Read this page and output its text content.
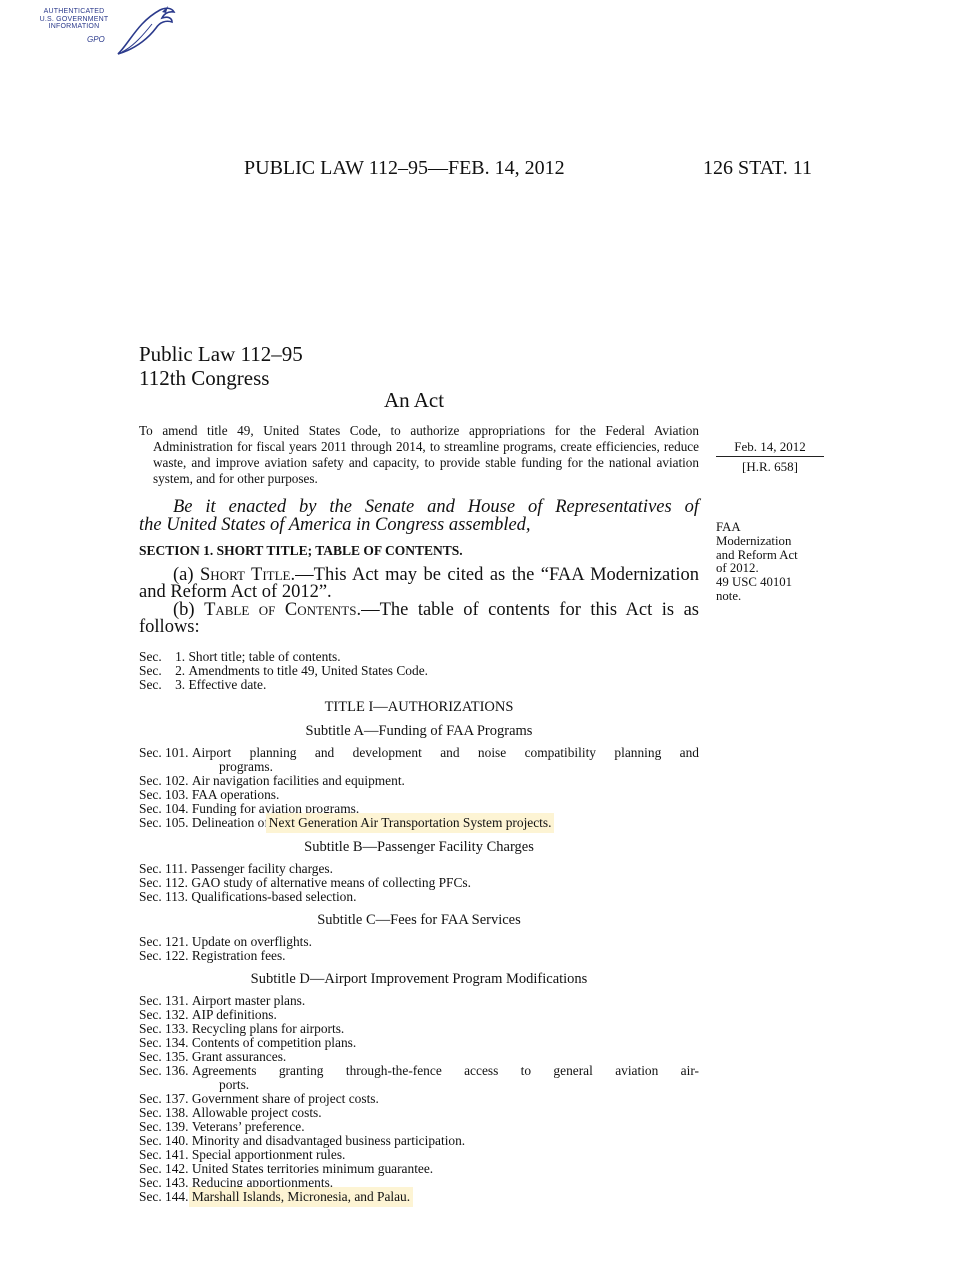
AUTHENTICATED
U.S. GOVERNMENT
INFORMATION
GPO
PUBLIC LAW 112–95—FEB. 14, 2012	126 STAT. 11
Public Law 112–95
112th Congress
An Act

To amend title 49, United States Code, to authorize appropriations for the Federal Aviation Administration for fiscal years 2011 through 2014, to streamline programs, create efficiencies, reduce waste, and improve aviation safety and capacity, to provide stable funding for the national aviation system, and for other purposes.

Feb. 14, 2012
[H.R. 658]
FAA
Modernization
and Reform Act
of 2012.
49 USC 40101
note.
Be it enacted by the Senate and House of Representatives of
the United States of America in Congress assembled,
SECTION 1. SHORT TITLE; TABLE OF CONTENTS.
(a) Short Title.—This Act may be cited as the “FAA Modernization and Reform Act of 2012”.
(b) Table of Contents.—The table of contents for this Act is as follows:
Sec.    1. Short title; table of contents.
Sec.    2. Amendments to title 49, United States Code.
Sec.    3. Effective date.
TITLE I—AUTHORIZATIONS
Subtitle A—Funding of FAA Programs
Sec. 101. Airport planning and development and noise compatibility planning and
programs.
Sec. 102. Air navigation facilities and equipment.
Sec. 103. FAA operations.
Sec. 104. Funding for aviation programs.
Sec. 105. Delineation of Next Generation Air Transportation System projects.
Subtitle B—Passenger Facility Charges
Sec. 111. Passenger facility charges.
Sec. 112. GAO study of alternative means of collecting PFCs.
Sec. 113. Qualifications-based selection.
Subtitle C—Fees for FAA Services
Sec. 121. Update on overflights.
Sec. 122. Registration fees.
Subtitle D—Airport Improvement Program Modifications
Sec. 131. Airport master plans.
Sec. 132. AIP definitions.
Sec. 133. Recycling plans for airports.
Sec. 134. Contents of competition plans.
Sec. 135. Grant assurances.
Sec. 136. Agreements granting through-the-fence access to general aviation air-
ports.
Sec. 137. Government share of project costs.
Sec. 138. Allowable project costs.
Sec. 139. Veterans’ preference.
Sec. 140. Minority and disadvantaged business participation.
Sec. 141. Special apportionment rules.
Sec. 142. United States territories minimum guarantee.
Sec. 143. Reducing apportionments.
Sec. 144. Marshall Islands, Micronesia, and Palau.
